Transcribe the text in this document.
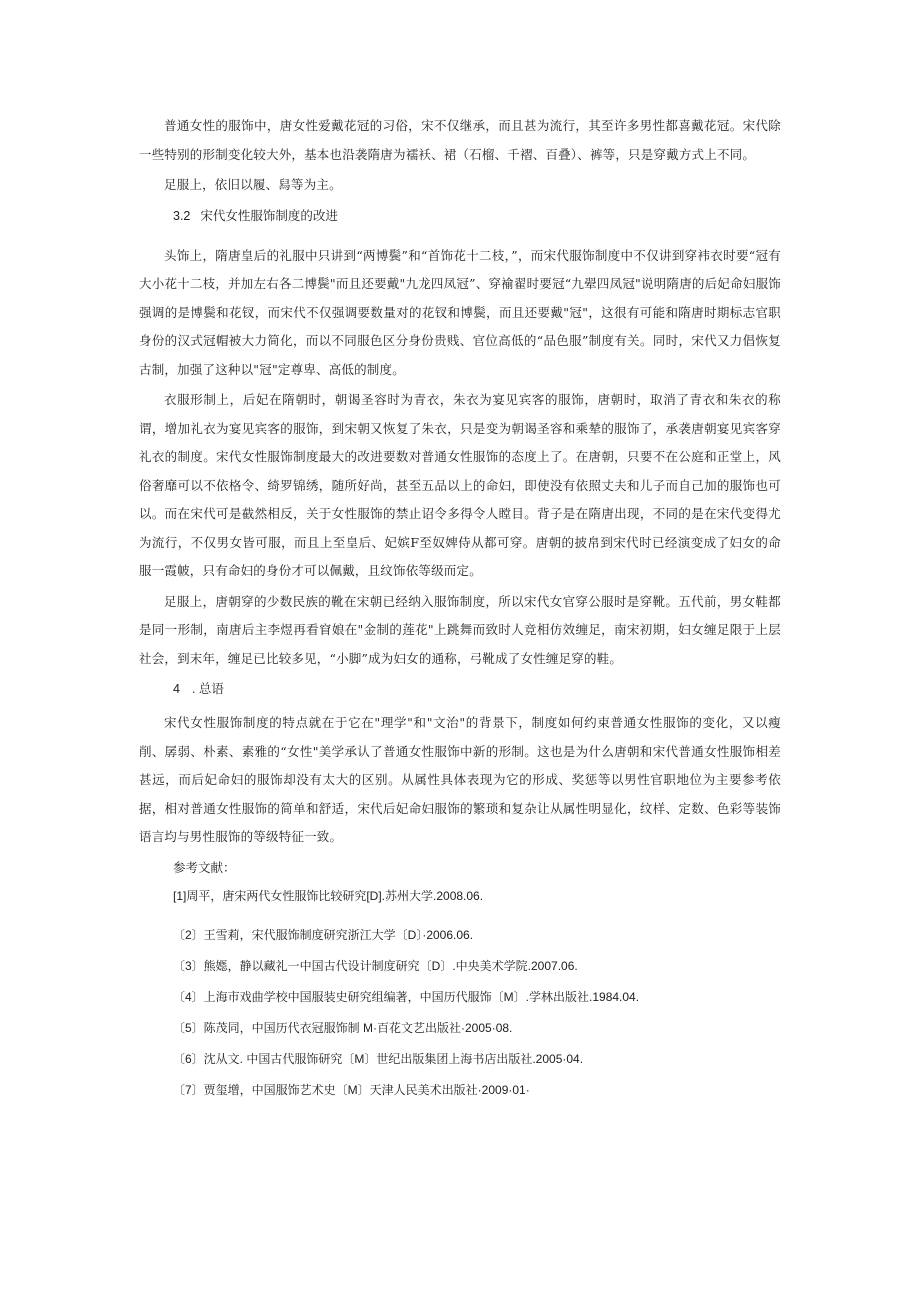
普通女性的服饰中，唐女性爱戴花冠的习俗，宋不仅继承，而且甚为流行，其至许多男性都喜戴花冠。宋代除一些特别的形制变化较大外，基本也沿袭隋唐为襦袄、裙（石榴、千褶、百叠）、裤等，只是穿戴方式上不同。

足服上，依旧以履、舄等为主。

3.2 宋代女性服饰制度的改进

头饰上，隋唐皇后的礼服中只讲到“两博鬓”和“首饰花十二枝，”，而宋代服饰制度中不仅讲到穿袆衣时要“冠有大小花十二枝，并加左右各二博鬓"而且还要戴"九龙四凤冠”、穿褕翟时要冠“九翚四凤冠"说明隋唐的后妃命妇服饰强调的是博鬓和花钗，而宋代不仅强调要数量对的花钗和博鬓，而且还要戴"冠"，这很有可能和隋唐时期标志官职身份的汉式冠帽被大力简化，而以不同服色区分身份贵贱、官位高低的“品色服”制度有关。同时，宋代又力倡恢复古制，加强了这种以"冠"定尊卑、高低的制度。

衣服形制上，后妃在隋朝时，朝谒圣容时为青衣，朱衣为宴见宾客的服饰，唐朝时，取消了青衣和朱衣的称谓，增加礼衣为宴见宾客的服饰，到宋朝又恢复了朱衣，只是变为朝谒圣容和乘辇的服饰了，承袭唐朝宴见宾客穿礼衣的制度。宋代女性服饰制度最大的改进要数对普通女性服饰的态度上了。在唐朝，只要不在公庭和正堂上，风俗奢靡可以不依格令、绮罗锦绣，随所好尚，甚至五品以上的命妇，即使没有依照丈夫和儿子而自己加的服饰也可以。而在宋代可是截然相反，关于女性服饰的禁止诏令多得令人瞠目。背子是在隋唐出现，不同的是在宋代变得尤为流行，不仅男女皆可服，而且上至皇后、妃嫔F至奴婢侍从都可穿。唐朝的披帛到宋代时已经演变成了妇女的命服一霞帔，只有命妇的身份才可以佩戴，且纹饰依等级而定。

足服上，唐朝穿的少数民族的靴在宋朝已经纳入服饰制度，所以宋代女官穿公服时是穿靴。五代前，男女鞋都是同一形制，南唐后主李煜再看窅娘在"金制的莲花"上跳舞而致时人竞相仿效缠足，南宋初期，妇女缠足限于上层社会，到末年，缠足已比较多见，“小脚”成为妇女的通称，弓靴成了女性缠足穿的鞋。

4 . 总语

宋代女性服饰制度的特点就在于它在"理学"和"文治"的背景下，制度如何约束普通女性服饰的变化，又以瘦削、孱弱、朴素、素雅的“女性"美学承认了普通女性服饰中新的形制。这也是为什么唐朝和宋代普通女性服饰相差甚远，而后妃命妇的服饰却没有太大的区别。从属性具体表现为它的形成、奖惩等以男性官职地位为主要参考依据，相对普通女性服饰的简单和舒适，宋代后妃命妇服饰的繁琐和复杂让从属性明显化，纹样、定数、色彩等装饰语言均与男性服饰的等级特征一致。

参考文献：
[1]周平，唐宋两代女性服饰比较研究[D].苏州大学.2008.06.
〔2〕王雪莉，宋代服饰制度研究浙江大学〔D〕·2006.06.
〔3〕熊嫕，静以藏礼一中国古代设计制度研究〔D〕.中央美术学院.2007.06.
〔4〕上海市戏曲学校中国服装史研究组编著，中国历代服饰〔M〕.学林出版社.1984.04.
〔5〕陈茂同，中国历代衣冠服饰制 M·百花文艺出版社·2005·08.
〔6〕沈从文. 中国古代服饰研究〔M〕世纪出版集团上海书店出版社.2005·04.
〔7〕贾玺增，中国服饰艺术史〔M〕天津人民美术出版社·2009·01·
